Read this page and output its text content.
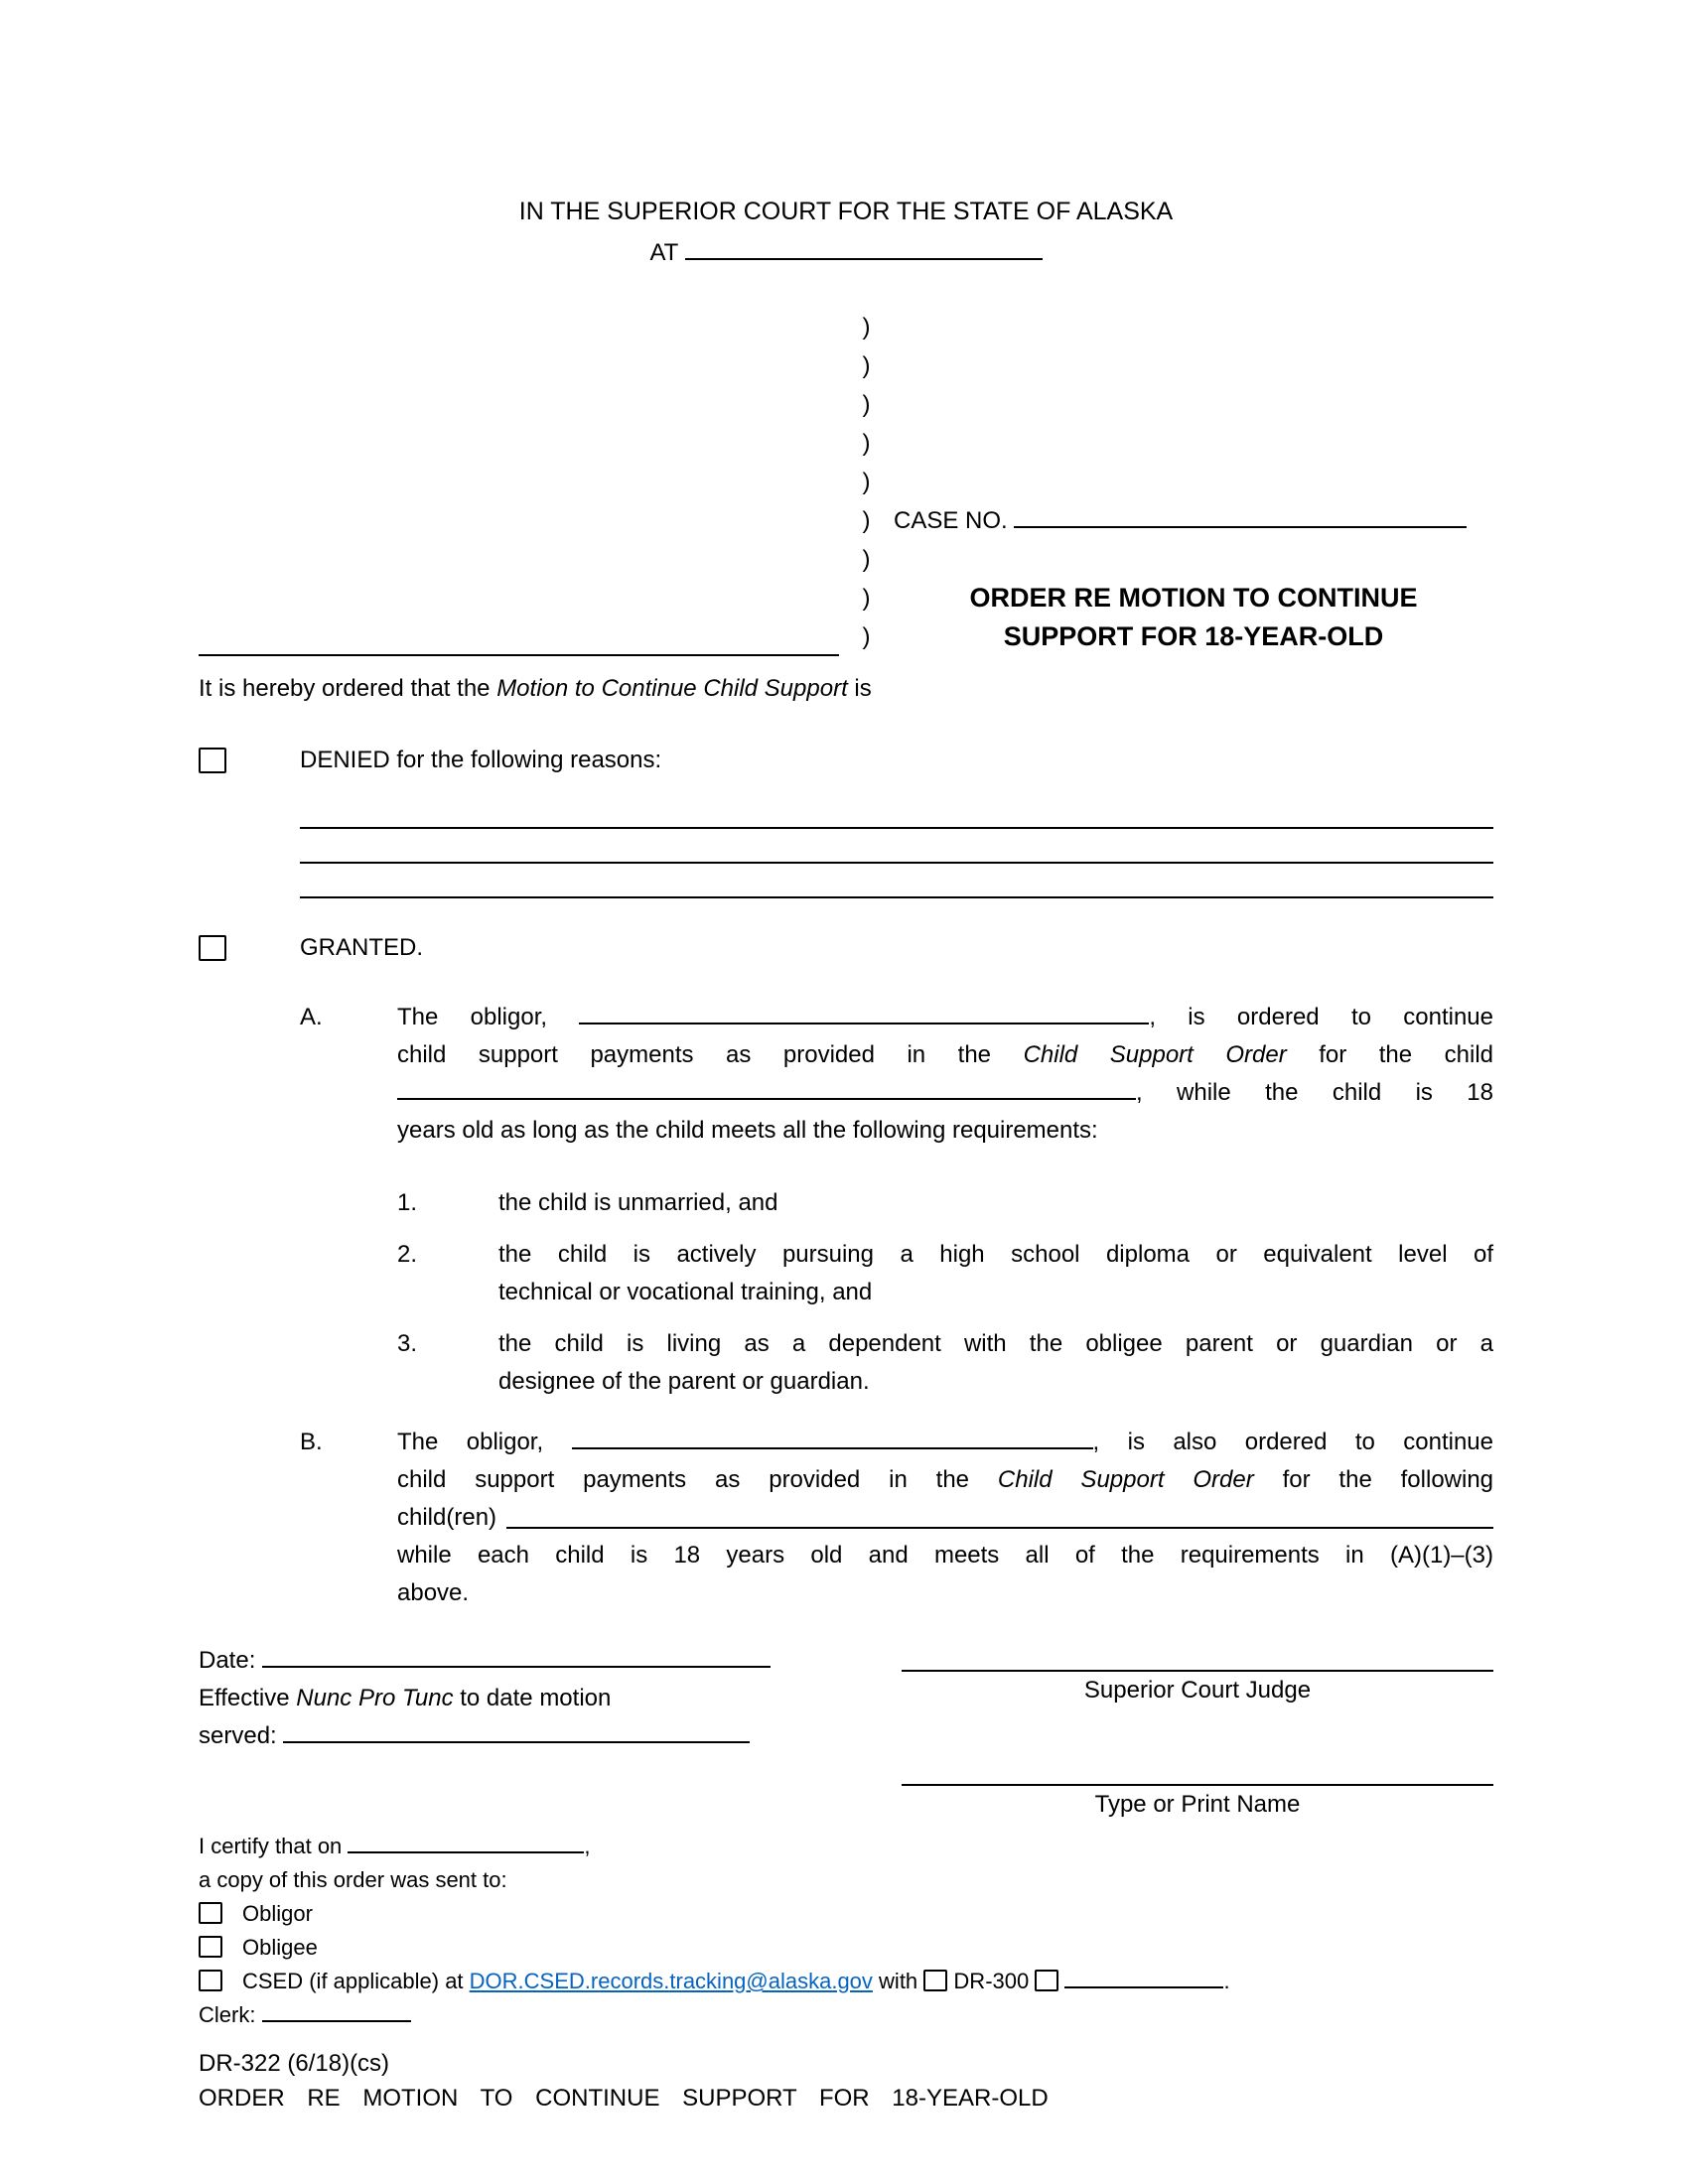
IN THE SUPERIOR COURT FOR THE STATE OF ALASKA
AT
)
)
)
)
)
)
)
)
)
CASE NO.
ORDER RE MOTION TO CONTINUE
SUPPORT FOR 18-YEAR-OLD
It is hereby ordered that the Motion to Continue Child Support is
DENIED for the following reasons:
GRANTED.
A.	The obligor,	, is ordered to continue
child support payments as provided in the Child Support Order for the child
, while the child is 18
years old as long as the child meets all the following requirements:
1.	the child is unmarried, and
2.	the child is actively pursuing a high school diploma or equivalent level of
technical or vocational training, and
3.	the child is living as a dependent with the obligee parent or guardian or a
designee of the parent or guardian.
B.	The obligor,	, is also ordered to continue
child support payments as provided in the Child Support Order for the following
child(ren)
while each child is 18 years old and meets all of the requirements in (A)(1)–(3)
above.
Date:
Effective Nunc Pro Tunc to date motion
served:
Superior Court Judge
Type or Print Name
I certify that on	,
a copy of this order was sent to:
Obligor
Obligee
CSED (if applicable) at DOR.CSED.records.tracking@alaska.gov with DR-300	.
Clerk:
DR-322 (6/18)(cs)
ORDER RE MOTION TO CONTINUE SUPPORT FOR 18-YEAR-OLD
